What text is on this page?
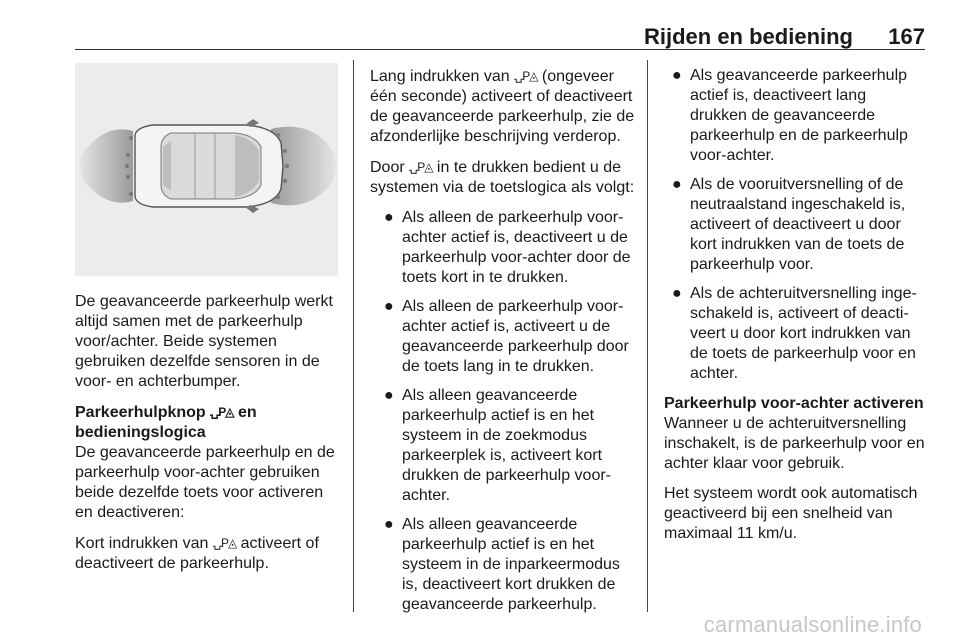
Rijden en bediening 167

De geavanceerde parkeerhulp werkt altijd samen met de parkeerhulp voor/achter. Beide systemen gebruiken dezelfde sensoren in de voor- en achterbumper.

Parkeerhulpknop ⍽P◬ en bedieningslogica

De geavanceerde parkeerhulp en de parkeerhulp voor-achter gebruiken beide dezelfde toets voor activeren en deactiveren:

Kort indrukken van ⍽P◬ activeert of deactiveert de parkeerhulp.

Lang indrukken van ⍽P◬ (ongeveer één seconde) activeert of deactiveert de geavanceerde parkeerhulp, zie de afzonderlijke beschrijving verderop.

Door ⍽P◬ in te drukken bedient u de systemen via de toetslogica als volgt:

● Als alleen de parkeerhulp voor-achter actief is, deactiveert u de parkeerhulp voor-achter door de toets kort in te drukken.
● Als alleen de parkeerhulp voor-achter actief is, activeert u de geavanceerde parkeerhulp door de toets lang in te drukken.
● Als alleen geavanceerde parkeerhulp actief is en het systeem in de zoekmodus parkeerplek is, activeert kort drukken de parkeerhulp voor-achter.
● Als alleen geavanceerde parkeerhulp actief is en het systeem in de inparkeermodus is, deactiveert kort drukken de geavanceerde parkeerhulp.
● Als geavanceerde parkeerhulp actief is, deactiveert lang drukken de geavanceerde parkeerhulp en de parkeerhulp voor-achter.
● Als de vooruitversnelling of de neutraalstand ingeschakeld is, activeert of deactiveert u door kort indrukken van de toets de parkeerhulp voor.
● Als de achteruitversnelling inge-schakeld is, activeert of deacti-veert u door kort indrukken van de toets de parkeerhulp voor en achter.

Parkeerhulp voor-achter activeren

Wanneer u de achteruitversnelling inschakelt, is de parkeerhulp voor en achter klaar voor gebruik.

Het systeem wordt ook automatisch geactiveerd bij een snelheid van maximaal 11 km/u.

carmanualsonline.info
